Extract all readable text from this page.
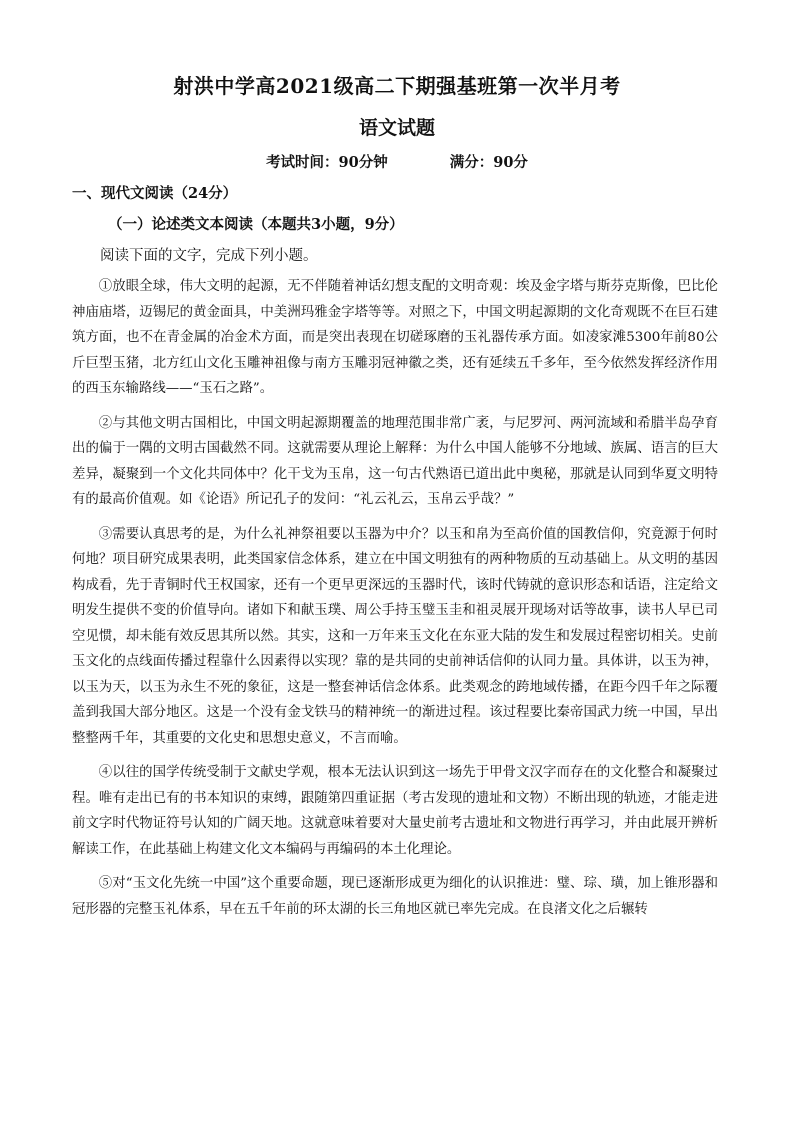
射洪中学高2021级高二下期强基班第一次半月考
语文试题
考试时间：90分钟	满分：90分
一、现代文阅读（24分）
（一）论述类文本阅读（本题共3小题，9分）
阅读下面的文字，完成下列小题。

①放眼全球，伟大文明的起源，无不伴随着神话幻想支配的文明奇观：埃及金字塔与斯芬克斯像，巴比伦神庙庙塔，迈锡尼的黄金面具，中美洲玛雅金字塔等等。对照之下，中国文明起源期的文化奇观既不在巨石建筑方面，也不在青金属的冶金术方面，而是突出表现在切磋琢磨的玉礼器传承方面。如凌家滩5300年前80公斤巨型玉猪，北方红山文化玉雕神祖像与南方玉雕羽冠神徽之类，还有延续五千多年，至今依然发挥经济作用的西玉东输路线——“玉石之路”。

②与其他文明古国相比，中国文明起源期覆盖的地理范围非常广袤，与尼罗河、两河流域和希腊半岛孕育出的偏于一隅的文明古国截然不同。这就需要从理论上解释：为什么中国人能够不分地域、族属、语言的巨大差异，凝聚到一个文化共同体中？化干戈为玉帛，这一句古代熟语已道出此中奥秘，那就是认同到华夏文明特有的最高价值观。如《论语》所记孔子的发问：“礼云礼云，玉帛云乎哉？”

③需要认真思考的是，为什么礼神祭祖要以玉器为中介？以玉和帛为至高价值的国教信仰，究竟源于何时何地？项目研究成果表明，此类国家信念体系，建立在中国文明独有的两种物质的互动基础上。从文明的基因构成看，先于青铜时代王权国家，还有一个更早更深远的玉器时代，该时代铸就的意识形态和话语，注定给文明发生提供不变的价值导向。诸如下和献玉璞、周公手持玉璧玉圭和祖灵展开现场对话等故事，读书人早已司空见惯，却未能有效反思其所以然。其实，这和一万年来玉文化在东亚大陆的发生和发展过程密切相关。史前玉文化的点线面传播过程靠什么因素得以实现？靠的是共同的史前神话信仰的认同力量。具体讲，以玉为神，以玉为天，以玉为永生不死的象征，这是一整套神话信念体系。此类观念的跨地域传播，在距今四千年之际覆盖到我国大部分地区。这是一个没有金戈铁马的精神统一的渐进过程。该过程要比秦帝国武力统一中国，早出整整两千年，其重要的文化史和思想史意义，不言而喻。

④以往的国学传统受制于文献史学观，根本无法认识到这一场先于甲骨文汉字而存在的文化整合和凝聚过程。唯有走出已有的书本知识的束缚，跟随第四重证据（考古发现的遗址和文物）不断出现的轨迹，才能走进前文字时代物证符号认知的广阔天地。这就意味着要对大量史前考古遗址和文物进行再学习，并由此展开辨析解读工作，在此基础上构建文化文本编码与再编码的本土化理论。

⑤对“玉文化先统一中国”这个重要命题，现已逐渐形成更为细化的认识推进：璧、琮、璜，加上锥形器和冠形器的完整玉礼体系，早在五千年前的环太湖的长三角地区就已率先完成。在良渚文化之后辗转
